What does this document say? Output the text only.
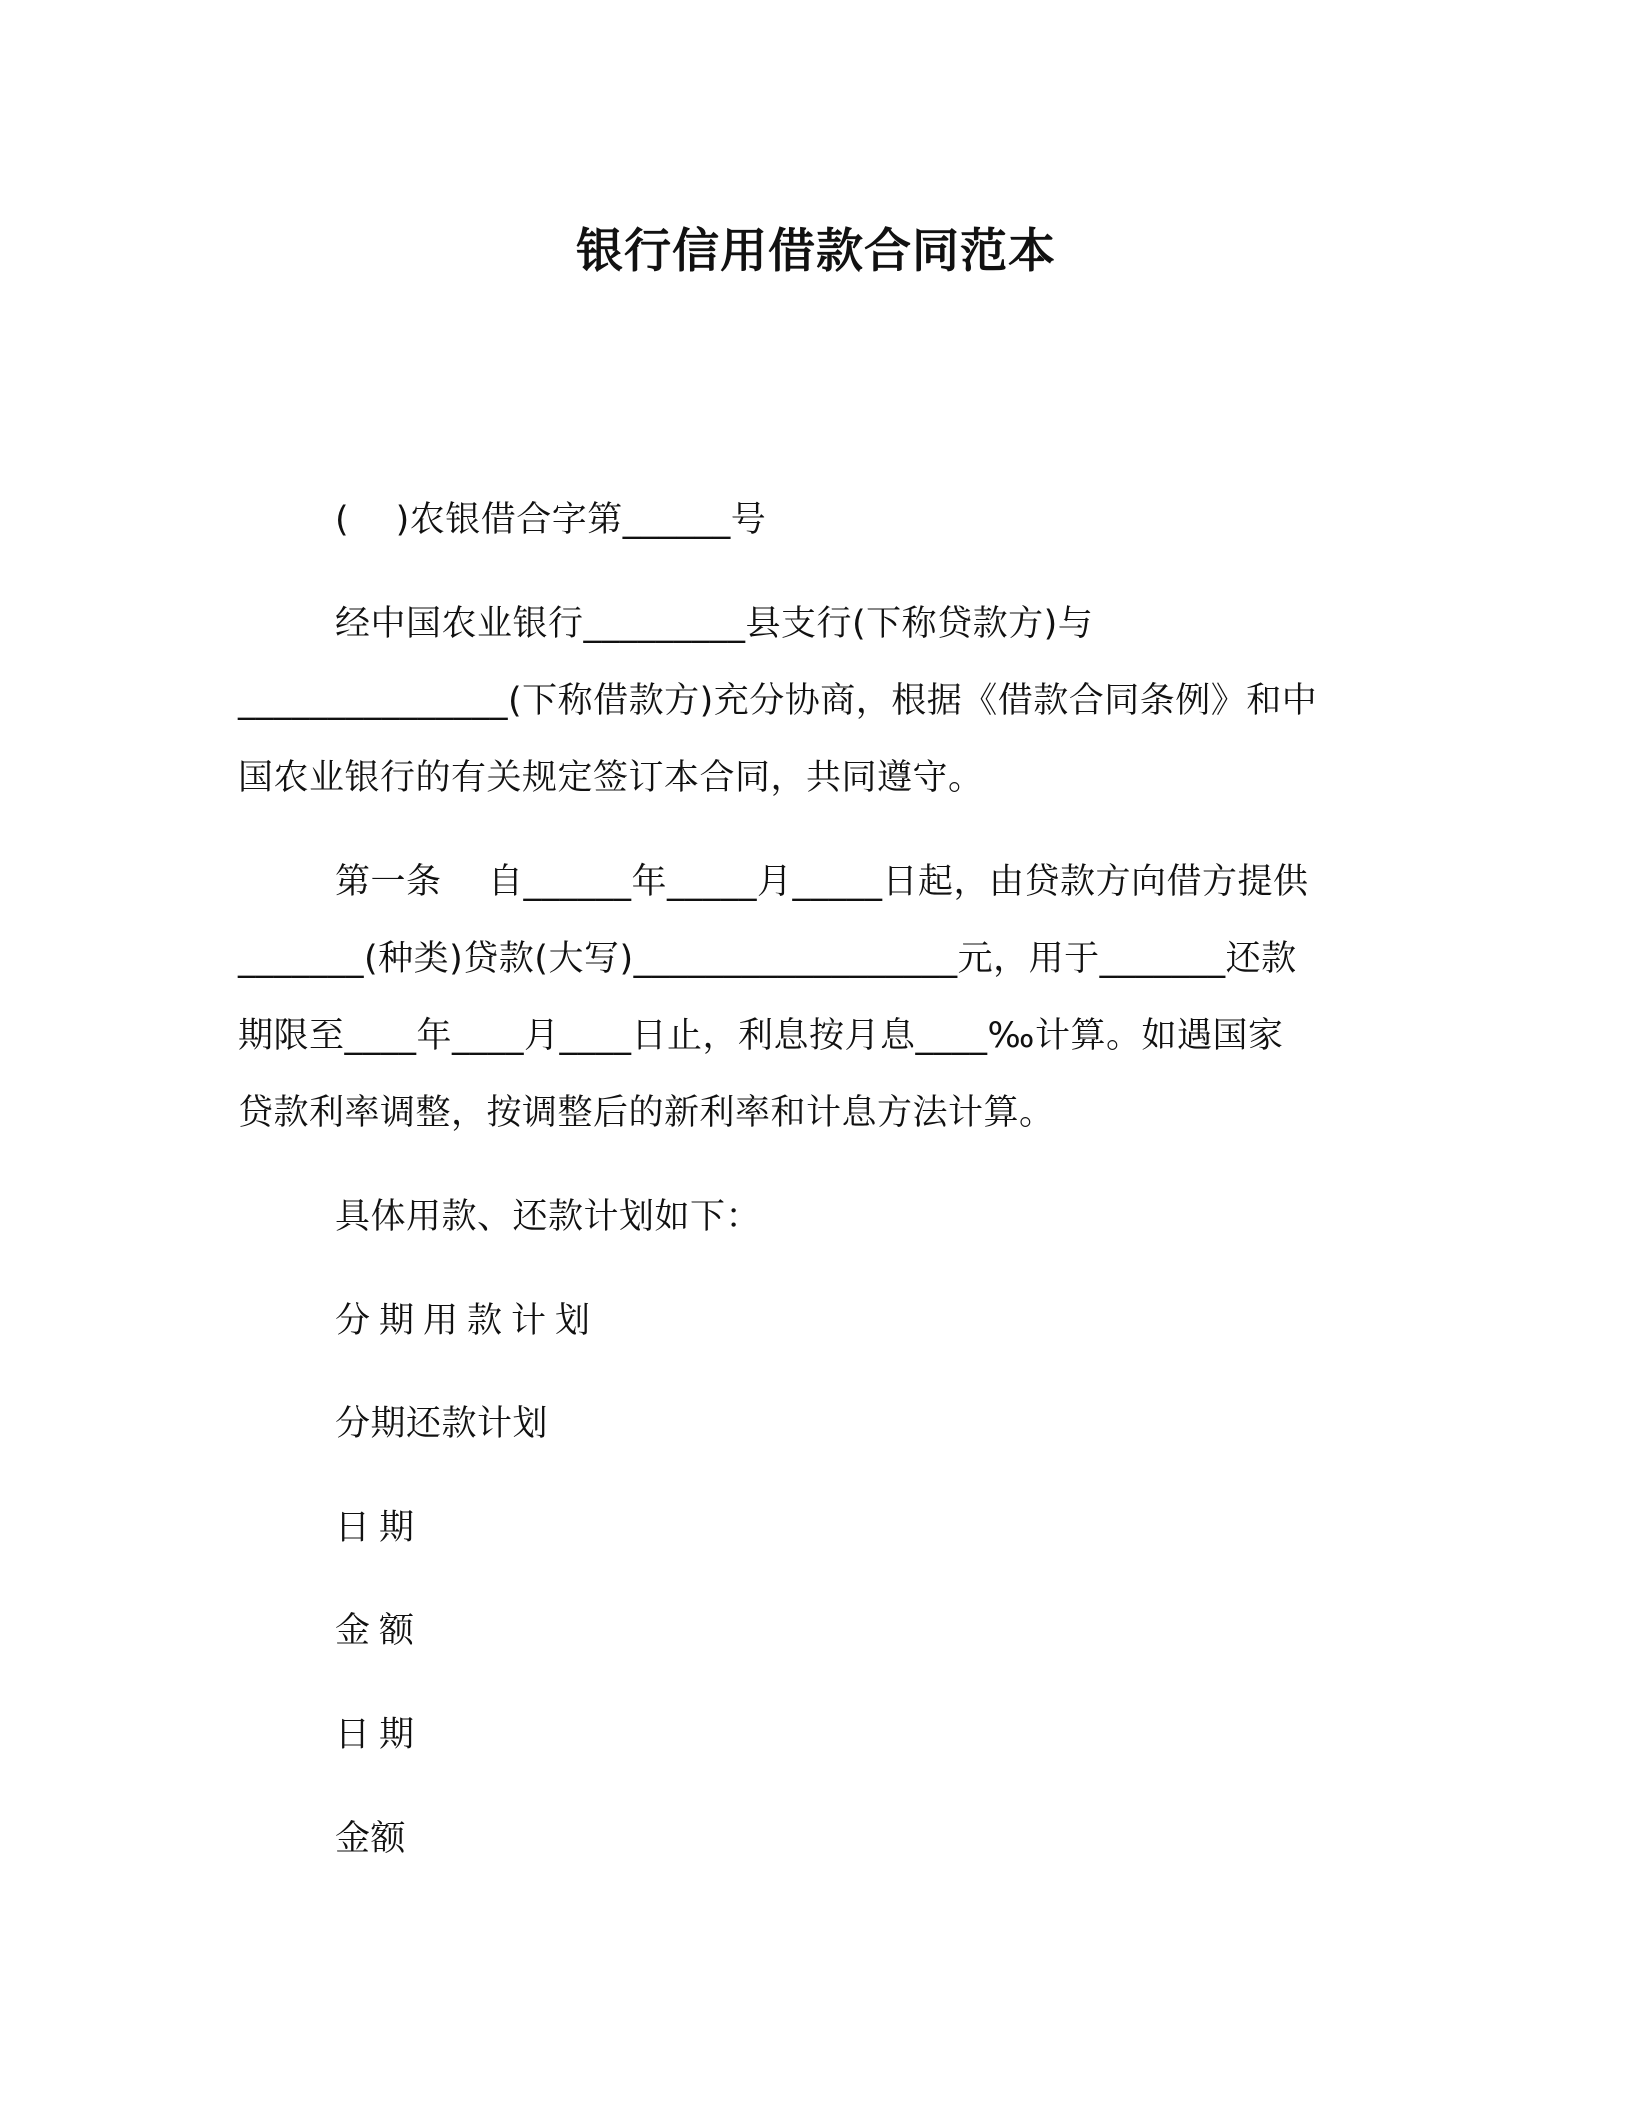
银行信用借款合同范本
(    )农银借合字第______号
经中国农业银行_________县支行(下称贷款方)与
_______________(下称借款方)充分协商，根据《借款合同条例》和中
国农业银行的有关规定签订本合同，共同遵守。
第一条    自______年_____月_____日起，由贷款方向借方提供
_______(种类)贷款(大写)__________________元，用于_______还款
期限至____年____月____日止，利息按月息____‰计算。如遇国家
贷款利率调整，按调整后的新利率和计息方法计算。
具体用款、还款计划如下：
分期用款计划
分期还款计划
日期
金额
日期
金额
